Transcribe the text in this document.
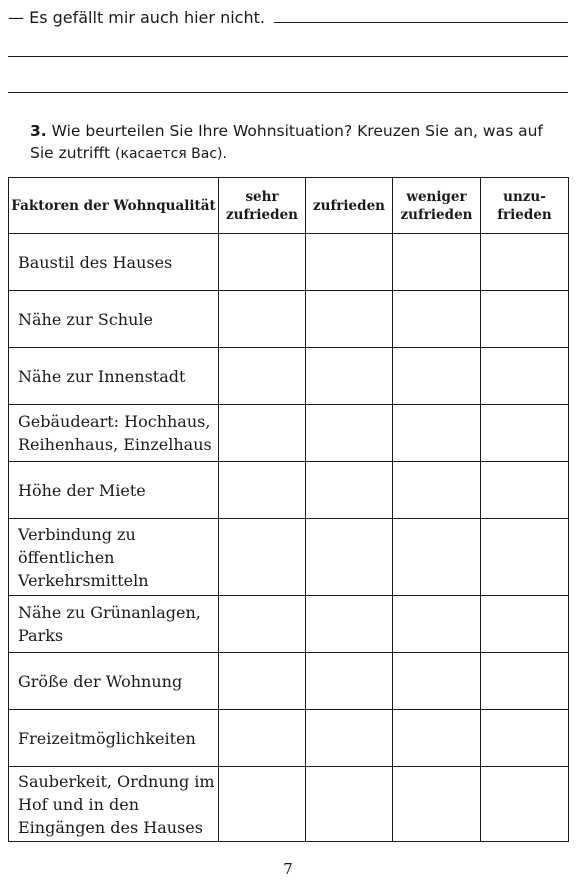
— Es gefällt mir auch hier nicht.
3. Wie beurteilen Sie Ihre Wohnsituation? Kreuzen Sie an, was auf Sie zutrifft (касается Вас).
Faktoren der Wohnqualität	sehr zufrieden	zufrieden	weniger zufrieden	unzu- frieden
Baustil des Hauses				
Nähe zur Schule				
Nähe zur Innenstadt				
Gebäudeart: Hochhaus, Reihenhaus, Einzelhaus				
Höhe der Miete				
Verbindung zu öffentlichen Verkehrsmitteln				
Nähe zu Grünanlagen, Parks				
Größe der Wohnung				
Freizeitmöglichkeiten				
Sauberkeit, Ordnung im Hof und in den Eingängen des Hauses				
7
